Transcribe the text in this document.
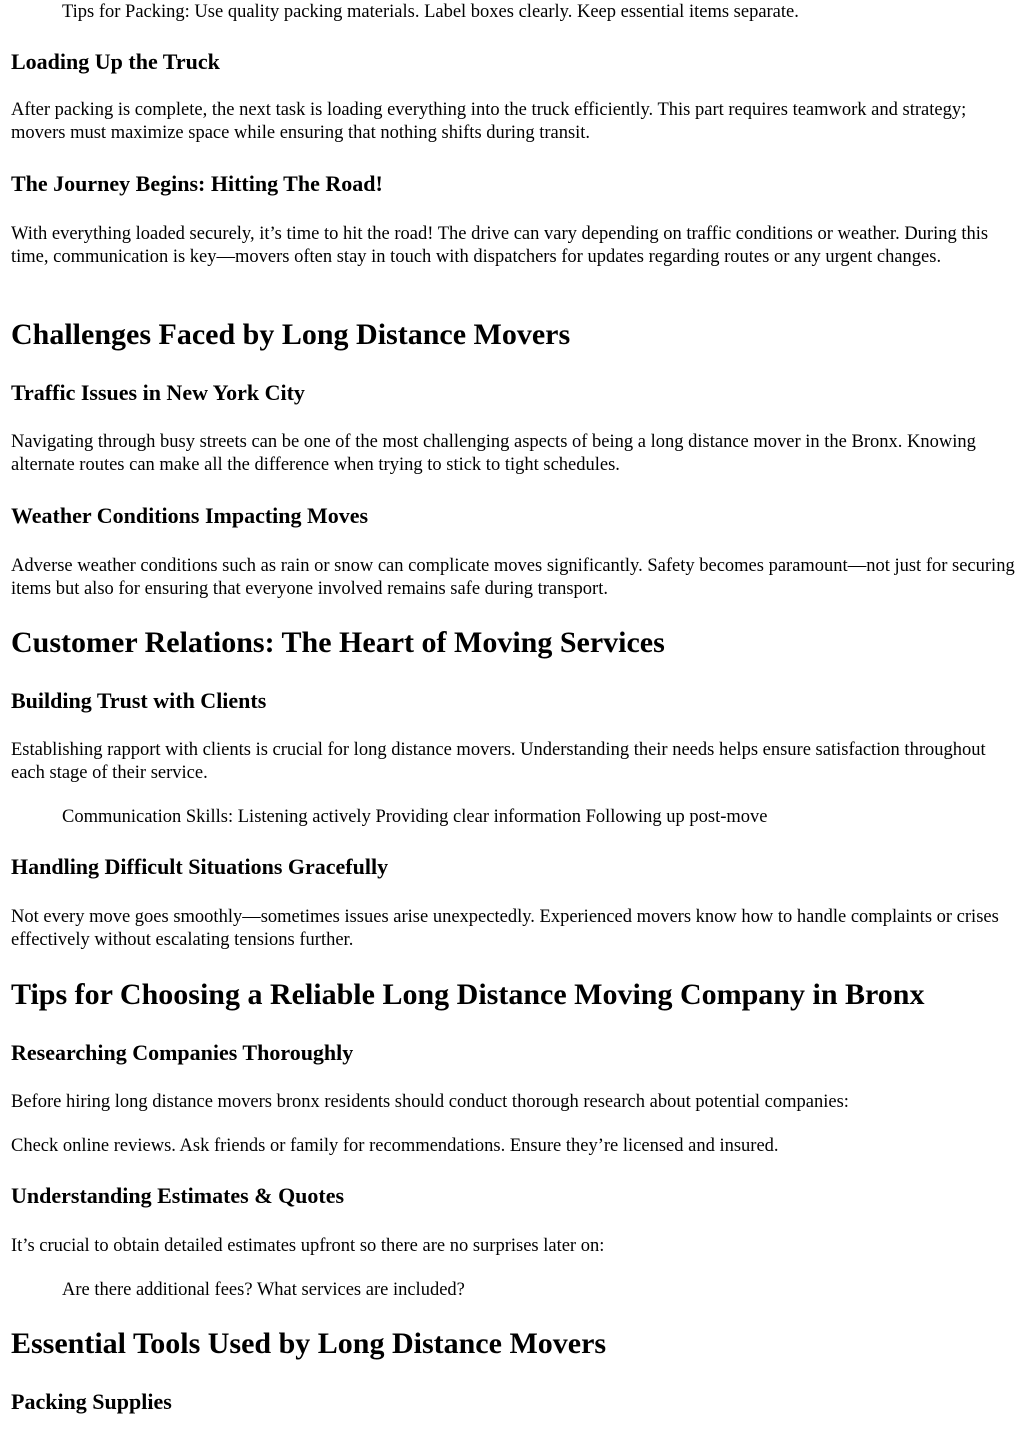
Tips for Packing: Use quality packing materials. Label boxes clearly. Keep essential items separate.
Loading Up the Truck

After packing is complete, the next task is loading everything into the truck efficiently. This part requires teamwork and strategy; movers must maximize space while ensuring that nothing shifts during transit.

The Journey Begins: Hitting The Road!

With everything loaded securely, it’s time to hit the road! The drive can vary depending on traffic conditions or weather. During this time, communication is key—movers often stay in touch with dispatchers for updates regarding routes or any urgent changes.

Challenges Faced by Long Distance Movers
Traffic Issues in New York City

Navigating through busy streets can be one of the most challenging aspects of being a long distance mover in the Bronx. Knowing alternate routes can make all the difference when trying to stick to tight schedules.

Weather Conditions Impacting Moves

Adverse weather conditions such as rain or snow can complicate moves significantly. Safety becomes paramount—not just for securing items but also for ensuring that everyone involved remains safe during transport.

Customer Relations: The Heart of Moving Services
Building Trust with Clients

Establishing rapport with clients is crucial for long distance movers. Understanding their needs helps ensure satisfaction throughout each stage of their service.

Communication Skills: Listening actively Providing clear information Following up post-move
Handling Difficult Situations Gracefully

Not every move goes smoothly—sometimes issues arise unexpectedly. Experienced movers know how to handle complaints or crises effectively without escalating tensions further.

Tips for Choosing a Reliable Long Distance Moving Company in Bronx
Researching Companies Thoroughly

Before hiring long distance movers bronx residents should conduct thorough research about potential companies:

Check online reviews. Ask friends or family for recommendations. Ensure they’re licensed and insured.

Understanding Estimates & Quotes

It’s crucial to obtain detailed estimates upfront so there are no surprises later on:

Are there additional fees? What services are included?
Essential Tools Used by Long Distance Movers
Packing Supplies
